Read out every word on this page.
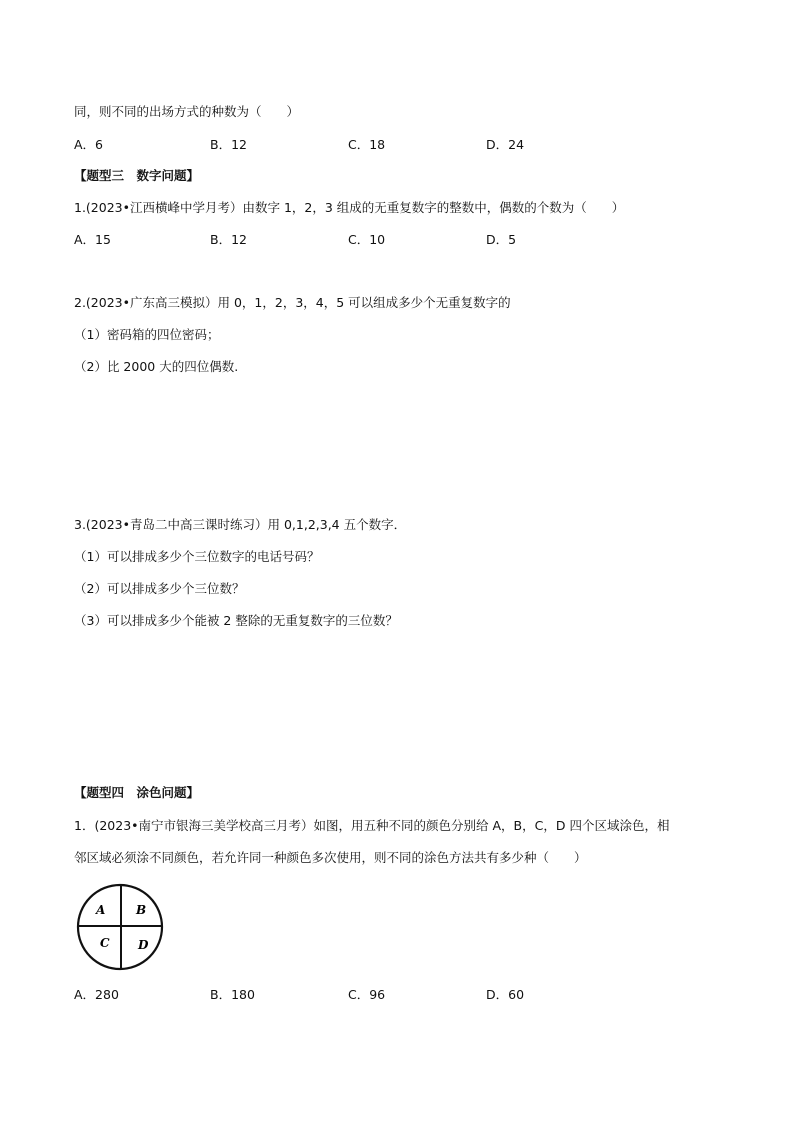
同，则不同的出场方式的种数为（　　）
A．6	B．12	C．18	D．24
【题型三　数字问题】
1.(2023•江西横峰中学月考）由数字 1，2，3 组成的无重复数字的整数中，偶数的个数为（　　）
A．15	B．12	C．10	D．5
2.(2023•广东高三模拟）用 0，1，2，3，4，5 可以组成多少个无重复数字的
（1）密码箱的四位密码；
（2）比 2000 大的四位偶数.
3.(2023•青岛二中高三课时练习）用 0,1,2,3,4 五个数字．
（1）可以排成多少个三位数字的电话号码？
（2）可以排成多少个三位数？
（3）可以排成多少个能被 2 整除的无重复数字的三位数？
【题型四　涂色问题】
1．(2023•南宁市银海三美学校高三月考）如图，用五种不同的颜色分别给 A，B，C，D 四个区域涂色，相
邻区域必须涂不同颜色，若允许同一种颜色多次使用，则不同的涂色方法共有多少种（　　）
A	B
C D
A．280	B．180	C．96	D．60
